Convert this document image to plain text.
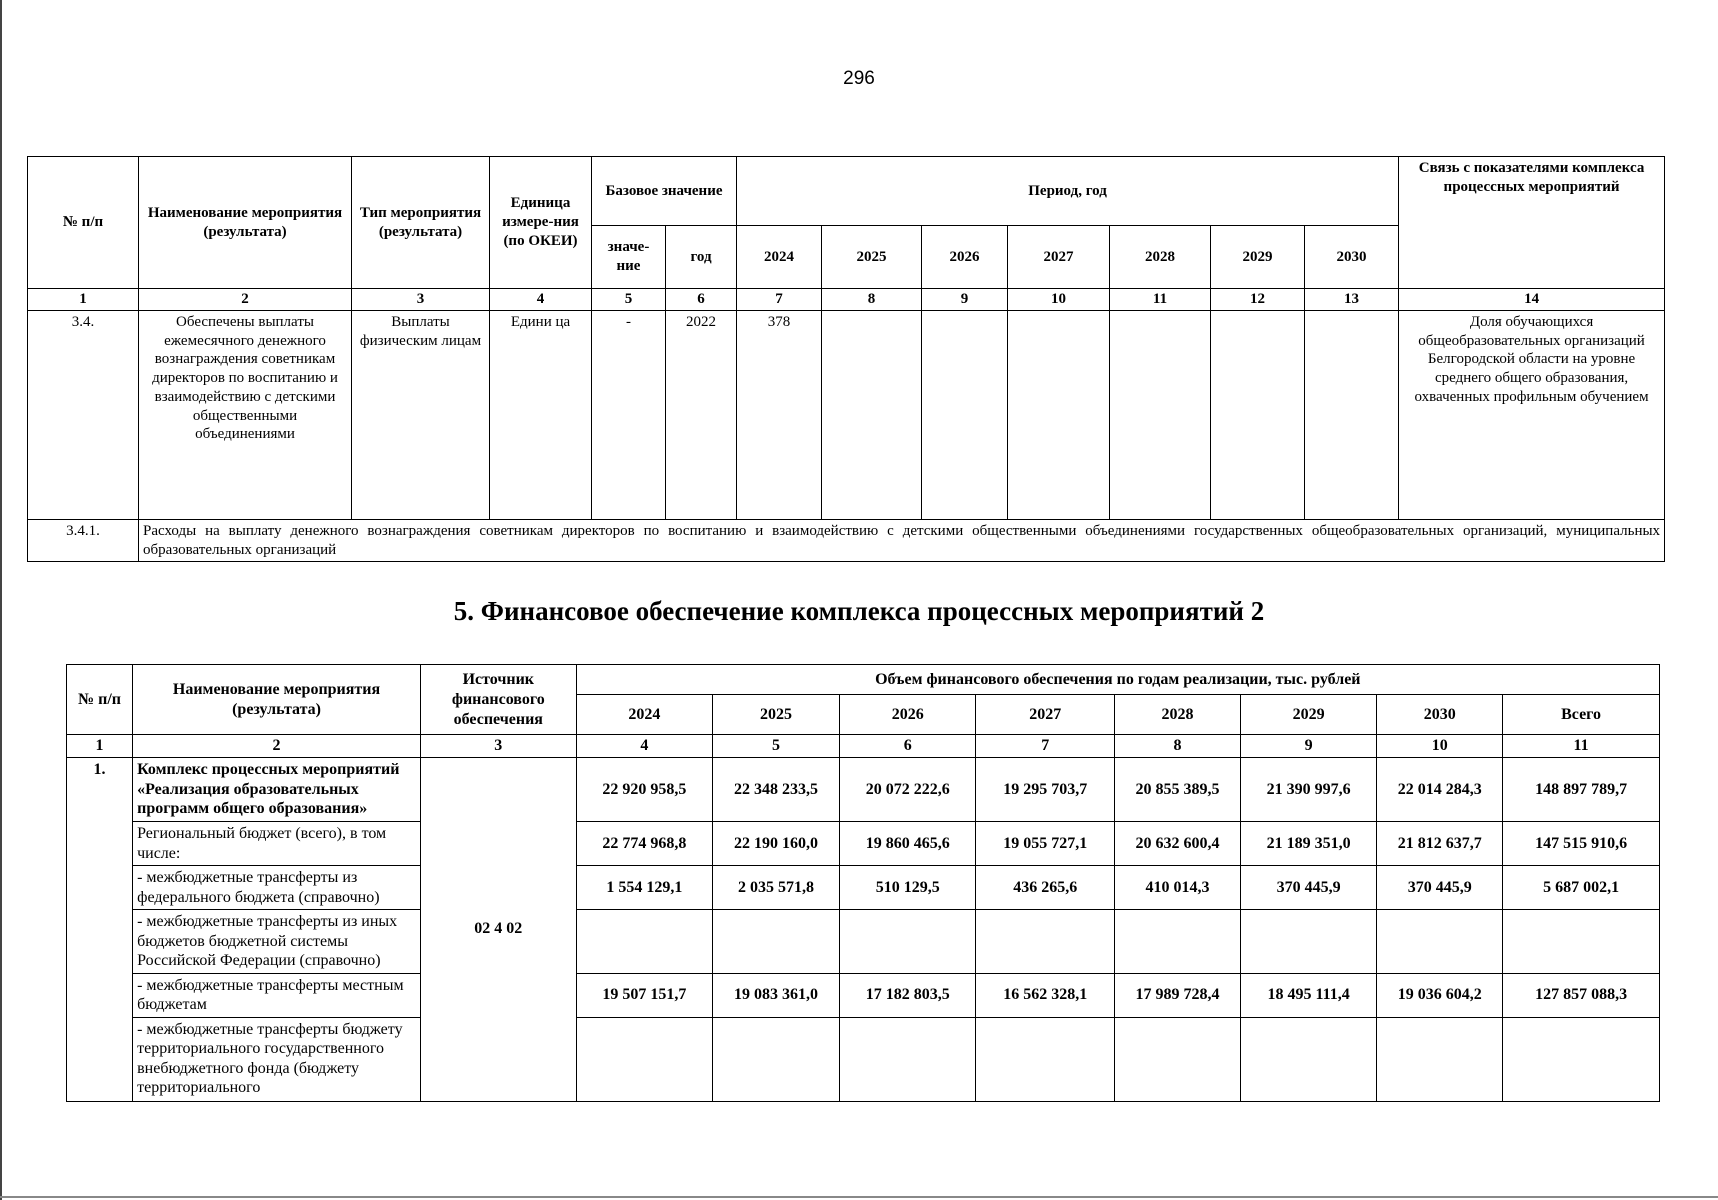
296
№ п/п	Наименование мероприятия (результата)	Тип мероприятия (результата)	Единица измере-ния (по ОКЕИ)	Базовое значение		Период, год							Связь с показателями комплекса процессных мероприятий
				значе-ние	год	2024	2025	2026	2027	2028	2029	2030	
1	2	3	4	5	6	7	8	9	10	11	12	13	14
3.4.	Обеспечены выплаты ежемесячного денежного вознаграждения советникам директоров по воспитанию и взаимодействию с детскими общественными объединениями	Выплаты физическим лицам	Едини ца	-	2022	378							Доля обучающихся общеобразовательных организаций Белгородской области на уровне среднего общего образования, охваченных профильным обучением
3.4.1.	Расходы на выплату денежного вознаграждения советникам директоров по воспитанию и взаимодействию с детскими общественными объединениями государственных общеобразовательных организаций, муниципальных образовательных организаций												
5. Финансовое обеспечение комплекса процессных мероприятий 2
№ п/п	Наименование мероприятия (результата)	Источник финансового обеспечения	Объем финансового обеспечения по годам реализации, тыс. рублей							
			2024	2025	2026	2027	2028	2029	2030	Всего
1	2	3	4	5	6	7	8	9	10	11
1.	Комплекс процессных мероприятий «Реализация образовательных программ общего образования»	02 4 02	22 920 958,5	22 348 233,5	20 072 222,6	19 295 703,7	20 855 389,5	21 390 997,6	22 014 284,3	148 897 789,7
	Региональный бюджет (всего), в том числе:		22 774 968,8	22 190 160,0	19 860 465,6	19 055 727,1	20 632 600,4	21 189 351,0	21 812 637,7	147 515 910,6
	- межбюджетные трансферты из федерального бюджета (справочно)		1 554 129,1	2 035 571,8	510 129,5	436 265,6	410 014,3	370 445,9	370 445,9	5 687 002,1
	- межбюджетные трансферты из иных бюджетов бюджетной системы Российской Федерации (справочно)									
	- межбюджетные трансферты местным бюджетам		19 507 151,7	19 083 361,0	17 182 803,5	16 562 328,1	17 989 728,4	18 495 111,4	19 036 604,2	127 857 088,3
	- межбюджетные трансферты бюджету территориального государственного внебюджетного фонда (бюджету территориального									
